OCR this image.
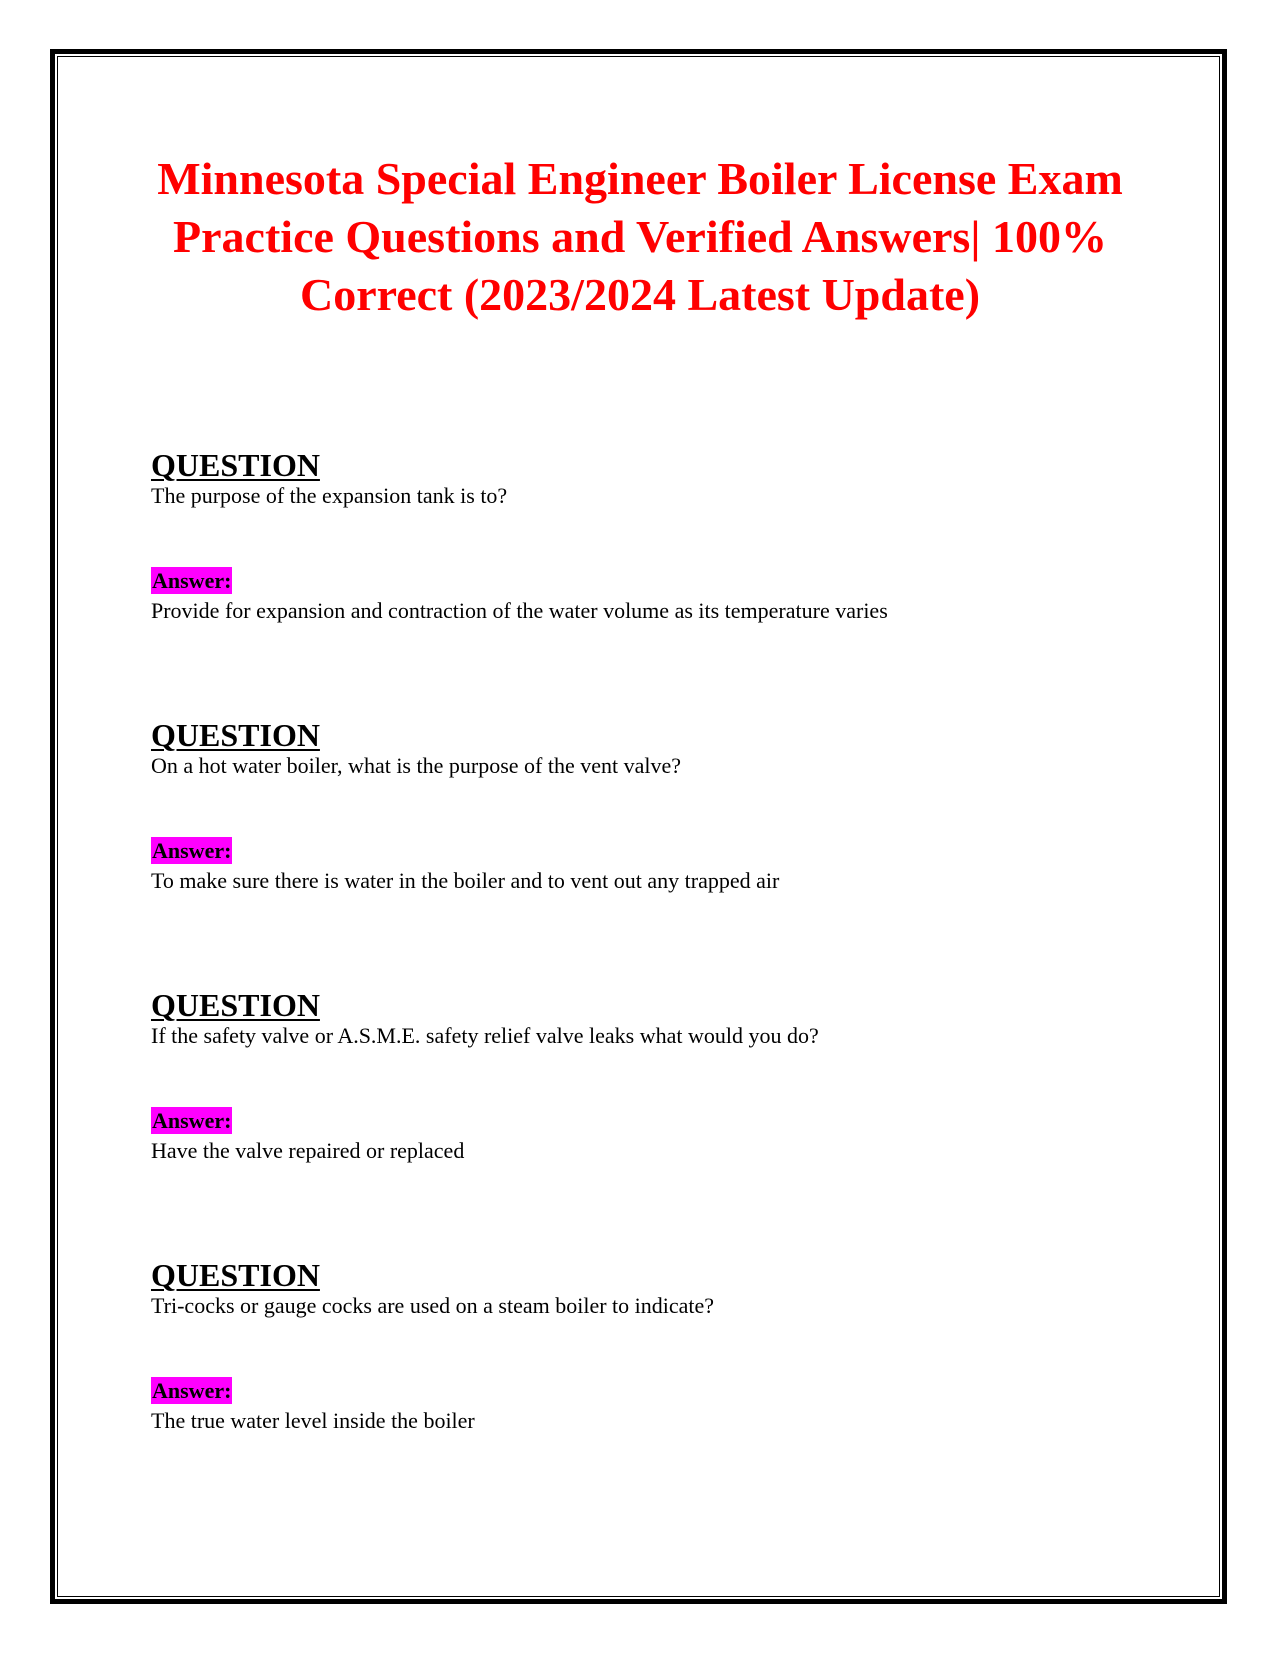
Minnesota Special Engineer Boiler License Exam Practice Questions and Verified Answers| 100% Correct (2023/2024 Latest Update)
QUESTION
The purpose of the expansion tank is to?
Answer:
Provide for expansion and contraction of the water volume as its temperature varies
QUESTION
On a hot water boiler, what is the purpose of the vent valve?
Answer:
To make sure there is water in the boiler and to vent out any trapped air
QUESTION
If the safety valve or A.S.M.E. safety relief valve leaks what would you do?
Answer:
Have the valve repaired or replaced
QUESTION
Tri-cocks or gauge cocks are used on a steam boiler to indicate?
Answer:
The true water level inside the boiler
